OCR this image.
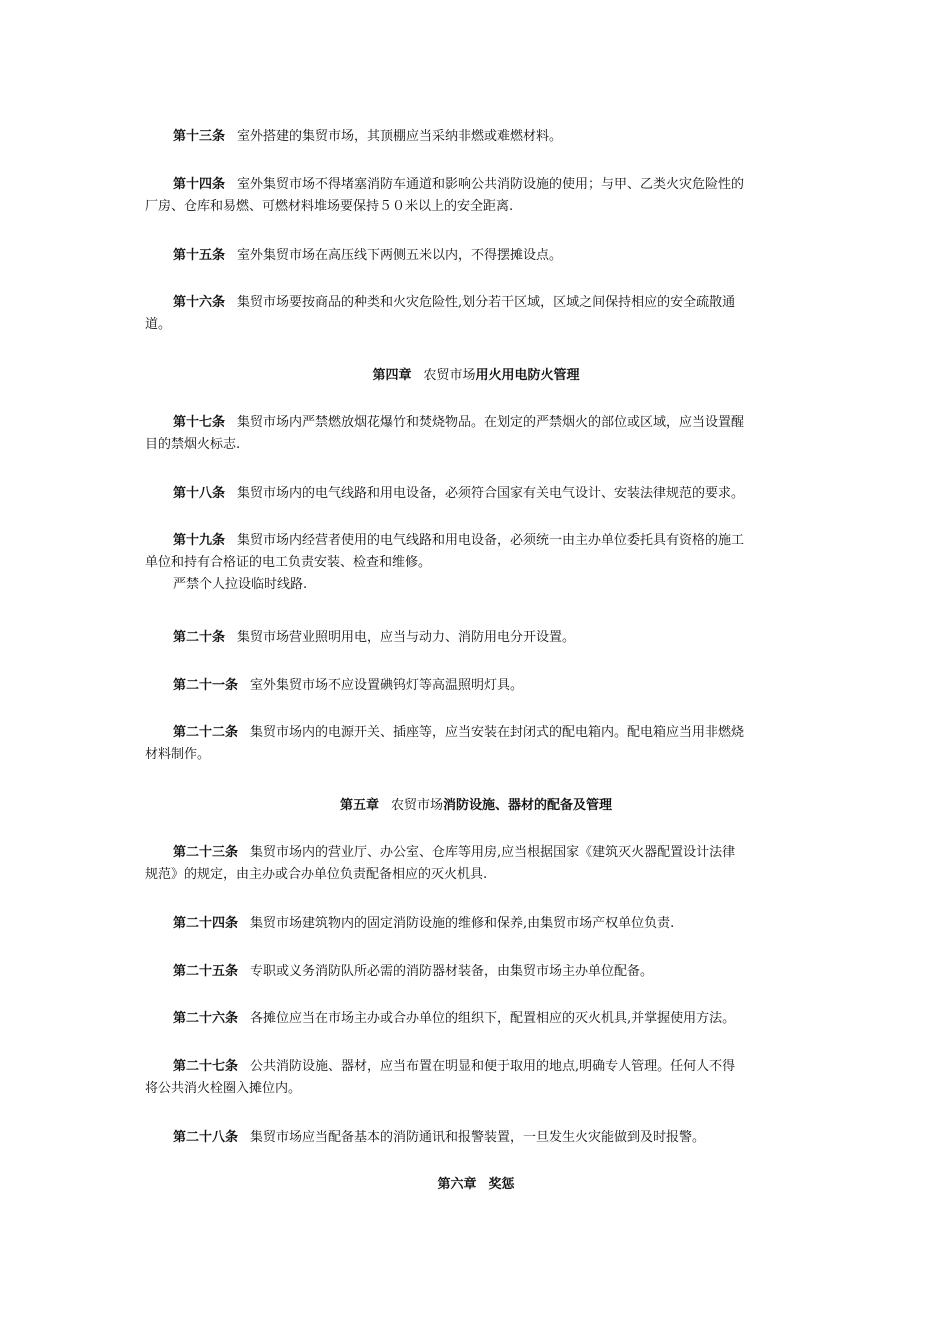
第十三条 室外搭建的集贸市场，其顶棚应当采纳非燃或难燃材料。

第十四条 室外集贸市场不得堵塞消防车通道和影响公共消防设施的使用；与甲、乙类火灾危险性的
厂房、仓库和易燃、可燃材料堆场要保持５０米以上的安全距离.

第十五条 室外集贸市场在高压线下两侧五米以内，不得摆摊设点。

第十六条 集贸市场要按商品的种类和火灾危险性,划分若干区域，区域之间保持相应的安全疏散通
道。

第四章 农贸市场用火用电防火管理

第十七条 集贸市场内严禁燃放烟花爆竹和焚烧物品。在划定的严禁烟火的部位或区域，应当设置醒
目的禁烟火标志.

第十八条 集贸市场内的电气线路和用电设备，必须符合国家有关电气设计、安装法律规范的要求。

第十九条 集贸市场内经营者使用的电气线路和用电设备，必须统一由主办单位委托具有资格的施工
单位和持有合格证的电工负责安装、检查和维修。
严禁个人拉设临时线路.

第二十条 集贸市场营业照明用电，应当与动力、消防用电分开设置。

第二十一条 室外集贸市场不应设置碘钨灯等高温照明灯具。

第二十二条 集贸市场内的电源开关、插座等，应当安装在封闭式的配电箱内。配电箱应当用非燃烧
材料制作。

第五章 农贸市场消防设施、器材的配备及管理

第二十三条 集贸市场内的营业厅、办公室、仓库等用房,应当根据国家《建筑灭火器配置设计法律
规范》的规定，由主办或合办单位负责配备相应的灭火机具.

第二十四条 集贸市场建筑物内的固定消防设施的维修和保养,由集贸市场产权单位负责.

第二十五条 专职或义务消防队所必需的消防器材装备，由集贸市场主办单位配备。

第二十六条 各摊位应当在市场主办或合办单位的组织下，配置相应的灭火机具,并掌握使用方法。

第二十七条 公共消防设施、器材，应当布置在明显和便于取用的地点,明确专人管理。任何人不得
将公共消火栓圈入摊位内。

第二十八条 集贸市场应当配备基本的消防通讯和报警装置，一旦发生火灾能做到及时报警。

第六章 奖惩
